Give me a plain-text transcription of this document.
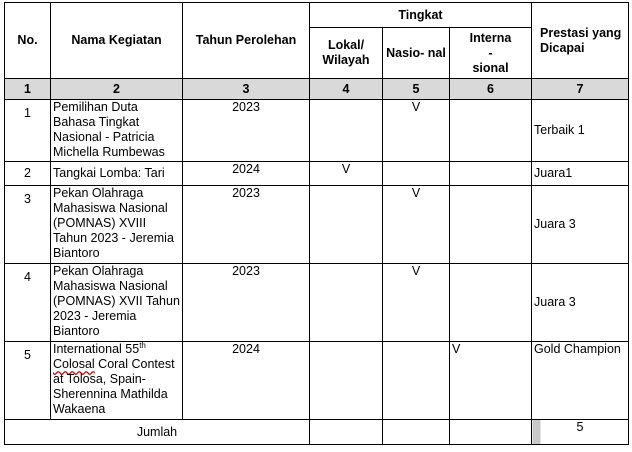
No.	Nama Kegiatan	Tahun Perolehan	Tingkat			Prestasi yang Dicapai
			Lokal/ Wilayah	Nasio- nal	Interna
-
sional	

1	2	3	4	5	6	7
1	Pemilihan Duta Bahasa Tingkat Nasional - Patricia Michella Rumbewas	2023		V		Terbaik 1
2	Tangkai Lomba: Tari	2024	V			Juara1
3	Pekan Olahraga Mahasiswa Nasional (POMNAS) XVIII Tahun 2023 - Jeremia Biantoro	2023		V		Juara 3
4	Pekan Olahraga Mahasiswa Nasional (POMNAS) XVII Tahun 2023 - Jeremia Biantoro	2023		V		Juara 3
5	International 55th Colosal Coral Contest at Tolosa, Spain-Sherennina Mathilda Wakaena	2024			V	Gold Champion
Jumlah						5
